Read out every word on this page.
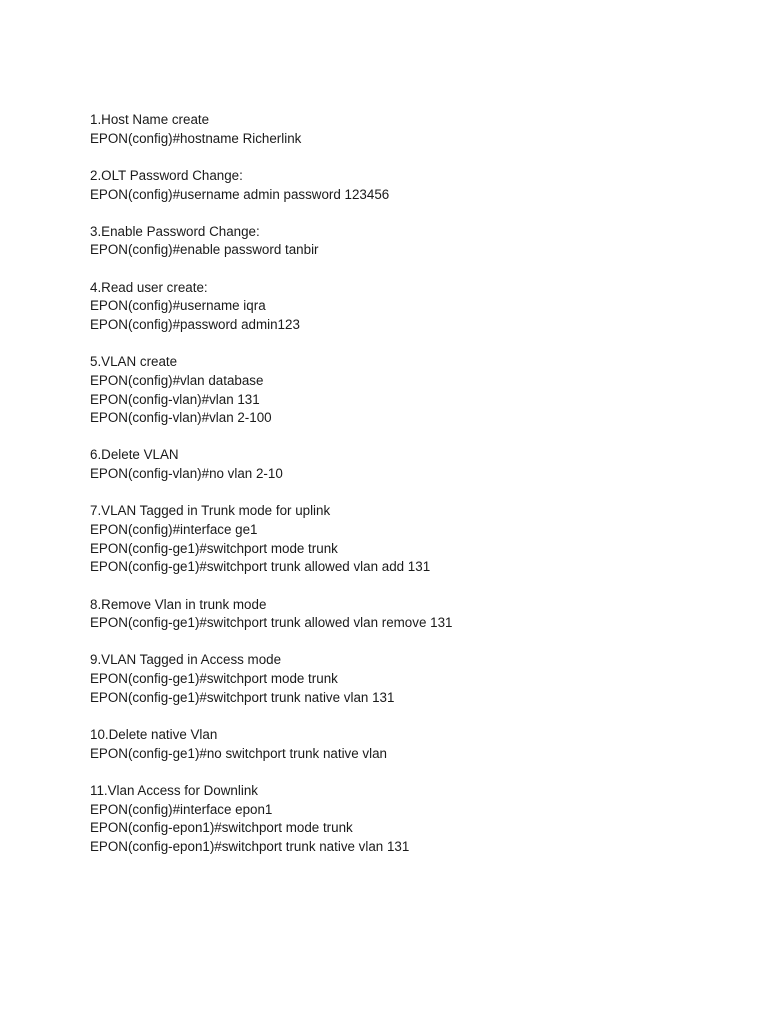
1.Host Name create
EPON(config)#hostname Richerlink
2.OLT Password Change:
EPON(config)#username admin password 123456
3.Enable Password Change:
EPON(config)#enable password tanbir
4.Read user create:
EPON(config)#username iqra
EPON(config)#password admin123
5.VLAN create
EPON(config)#vlan database
EPON(config-vlan)#vlan 131
EPON(config-vlan)#vlan 2-100
6.Delete VLAN
EPON(config-vlan)#no vlan 2-10
7.VLAN Tagged in Trunk mode for uplink
EPON(config)#interface ge1
EPON(config-ge1)#switchport mode trunk
EPON(config-ge1)#switchport trunk allowed vlan add 131
8.Remove Vlan in trunk mode
EPON(config-ge1)#switchport trunk allowed vlan remove 131
9.VLAN Tagged in Access mode
EPON(config-ge1)#switchport mode trunk
EPON(config-ge1)#switchport trunk native vlan 131
10.Delete native Vlan
EPON(config-ge1)#no switchport trunk native vlan
11.Vlan Access for Downlink
EPON(config)#interface epon1
EPON(config-epon1)#switchport mode trunk
EPON(config-epon1)#switchport trunk native vlan 131
